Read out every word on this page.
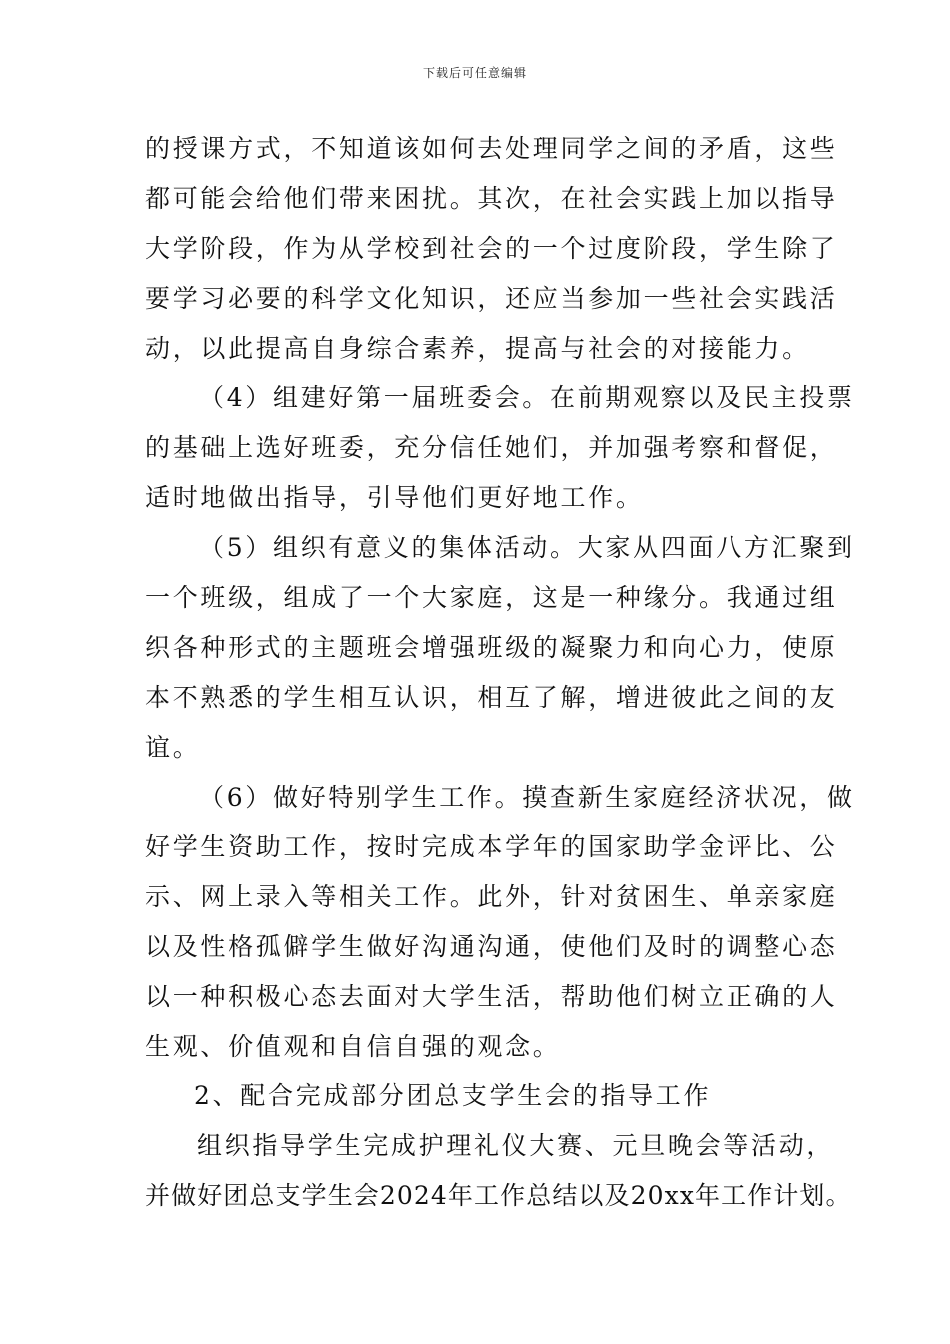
下载后可任意编辑
的授课方式，不知道该如何去处理同学之间的矛盾，这些
都可能会给他们带来困扰。其次，在社会实践上加以指导
大学阶段，作为从学校到社会的一个过度阶段，学生除了
要学习必要的科学文化知识，还应当参加一些社会实践活
动，以此提高自身综合素养，提高与社会的对接能力。
（4）组建好第一届班委会。在前期观察以及民主投票
的基础上选好班委，充分信任她们，并加强考察和督促，
适时地做出指导，引导他们更好地工作。
（5）组织有意义的集体活动。大家从四面八方汇聚到
一个班级，组成了一个大家庭，这是一种缘分。我通过组
织各种形式的主题班会增强班级的凝聚力和向心力，使原
本不熟悉的学生相互认识，相互了解，增进彼此之间的友
谊。
（6）做好特别学生工作。摸查新生家庭经济状况，做
好学生资助工作，按时完成本学年的国家助学金评比、公
示、网上录入等相关工作。此外，针对贫困生、单亲家庭
以及性格孤僻学生做好沟通沟通，使他们及时的调整心态
以一种积极心态去面对大学生活，帮助他们树立正确的人
生观、价值观和自信自强的观念。
2、配合完成部分团总支学生会的指导工作
组织指导学生完成护理礼仪大赛、元旦晚会等活动，
并做好团总支学生会2024年工作总结以及20xx年工作计划。
